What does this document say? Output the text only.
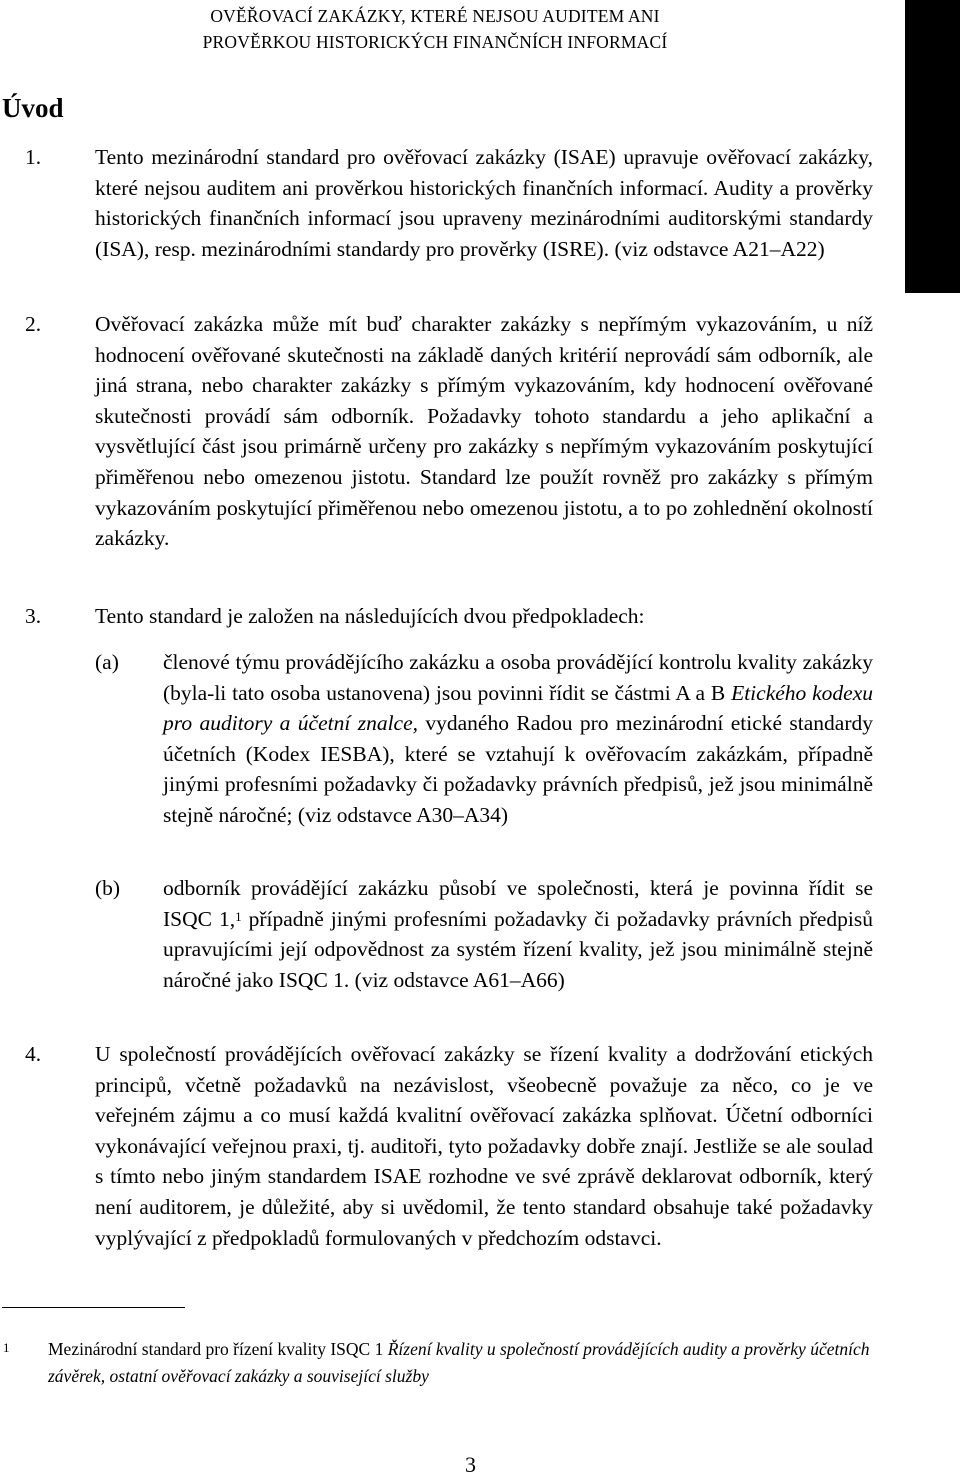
OVĚŘOVACÍ ZAKÁZKY, KTERÉ NEJSOU AUDITEM ANI
PROVĚRKOU HISTORICKÝCH FINANČNÍCH INFORMACÍ
Úvod
1.	Tento mezinárodní standard pro ověřovací zakázky (ISAE) upravuje ověřovací zakázky, které nejsou auditem ani prověrkou historických finančních informací. Audity a prověrky historických finančních informací jsou upraveny mezinárodními auditorskými standardy (ISA), resp. mezinárodními standardy pro prověrky (ISRE). (viz odstavce A21–A22)
2.	Ověřovací zakázka může mít buď charakter zakázky s nepřímým vykazováním, u níž hodnocení ověřované skutečnosti na základě daných kritérií neprovádí sám odborník, ale jiná strana, nebo charakter zakázky s přímým vykazováním, kdy hodnocení ověřované skutečnosti provádí sám odborník. Požadavky tohoto standardu a jeho aplikační a vysvětlující část jsou primárně určeny pro zakázky s nepřímým vykazováním poskytující přiměřenou nebo omezenou jistotu. Standard lze použít rovněž pro zakázky s přímým vykazováním poskytující přiměřenou nebo omezenou jistotu, a to po zohlednění okolností zakázky.
3.	Tento standard je založen na následujících dvou předpokladech:
(a) členové týmu provádějícího zakázku a osoba provádějící kontrolu kvality zakázky (byla-li tato osoba ustanovena) jsou povinni řídit se částmi A a B Etického kodexu pro auditory a účetní znalce, vydaného Radou pro mezinárodní etické standardy účetních (Kodex IESBA), které se vztahují k ověřovacím zakázkám, případně jinými profesními požadavky či požadavky právních předpisů, jež jsou minimálně stejně náročné; (viz odstavce A30–A34)
(b) odborník provádějící zakázku působí ve společnosti, která je povinna řídit se ISQC 1,$^1$ případně jinými profesními požadavky či požadavky právních předpisů upravujícími její odpovědnost za systém řízení kvality, jež jsou minimálně stejně náročné jako ISQC 1. (viz odstavce A61–A66)
4.	U společností provádějících ověřovací zakázky se řízení kvality a dodržování etických principů, včetně požadavků na nezávislost, všeobecně považuje za něco, co je ve veřejném zájmu a co musí každá kvalitní ověřovací zakázka splňovat. Účetní odborníci vykonávající veřejnou praxi, tj. auditoři, tyto požadavky dobře znají. Jestliže se ale soulad s tímto nebo jiným standardem ISAE rozhodne ve své zprávě deklarovat odborník, který není auditorem, je důležité, aby si uvědomil, že tento standard obsahuje také požadavky vyplývající z předpokladů formulovaných v předchozím odstavci.
1 Mezinárodní standard pro řízení kvality ISQC 1 Řízení kvality u společností provádějících audity a prověrky účetních závěrek, ostatní ověřovací zakázky a související služby
3
